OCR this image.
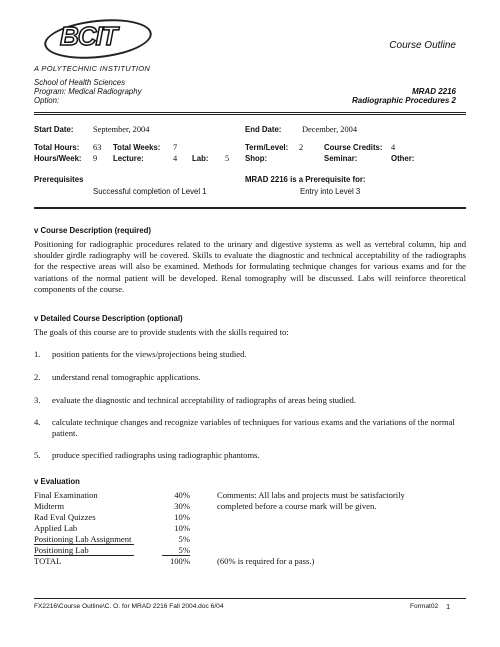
BCIT
A POLYTECHNIC INSTITUTION
Course Outline
School of Health Sciences
Program: Medical Radiography
Option:
MRAD 2216
Radiographic Procedures 2
Start Date: September, 2004	End Date: December, 2004
Total Hours: 63 Total Weeks: 7	Term/Level: 2	Course Credits: 4
Hours/Week: 9 Lecture:	4 Lab: 5 Shop:	Seminar:	Other:
Prerequisites
Successful completion of Level 1
MRAD 2216 is a Prerequisite for:
Entry into Level 3
v Course Description (required)
Positioning for radiographic procedures related to the urinary and digestive systems as well as vertebral column, hip and shoulder girdle radiography will be covered. Skills to evaluate the diagnostic and technical acceptability of the radiographs for the respective areas will also be examined. Methods for formulating technique changes for various exams and for the variations of the normal patient will be developed. Renal tomography will be discussed. Labs will reinforce theoretical components of the course.
v Detailed Course Description (optional)
The goals of this course are to provide students with the skills required to:
1. position patients for the views/projections being studied.
2. understand renal tomographic applications.
3. evaluate the diagnostic and technical acceptability of radiographs of areas being studied.
4. calculate technique changes and recognize variables of techniques for various exams and the variations of the normal patient.
5. produce specified radiographs using radiographic phantoms.
v Evaluation
Final Examination	40%
Midterm	30%
Rad Eval Quizzes	10%
Applied Lab	10%
Positioning Lab Assignment	5%
Positioning Lab	5%
TOTAL	100%
Comments: All labs and projects must be satisfactorily completed before a course mark will be given.
(60% is required for a pass.)
FX2216\Course Outline\C. O. for MRAD 2216 Fall 2004.doc 6/04	Format02 1
